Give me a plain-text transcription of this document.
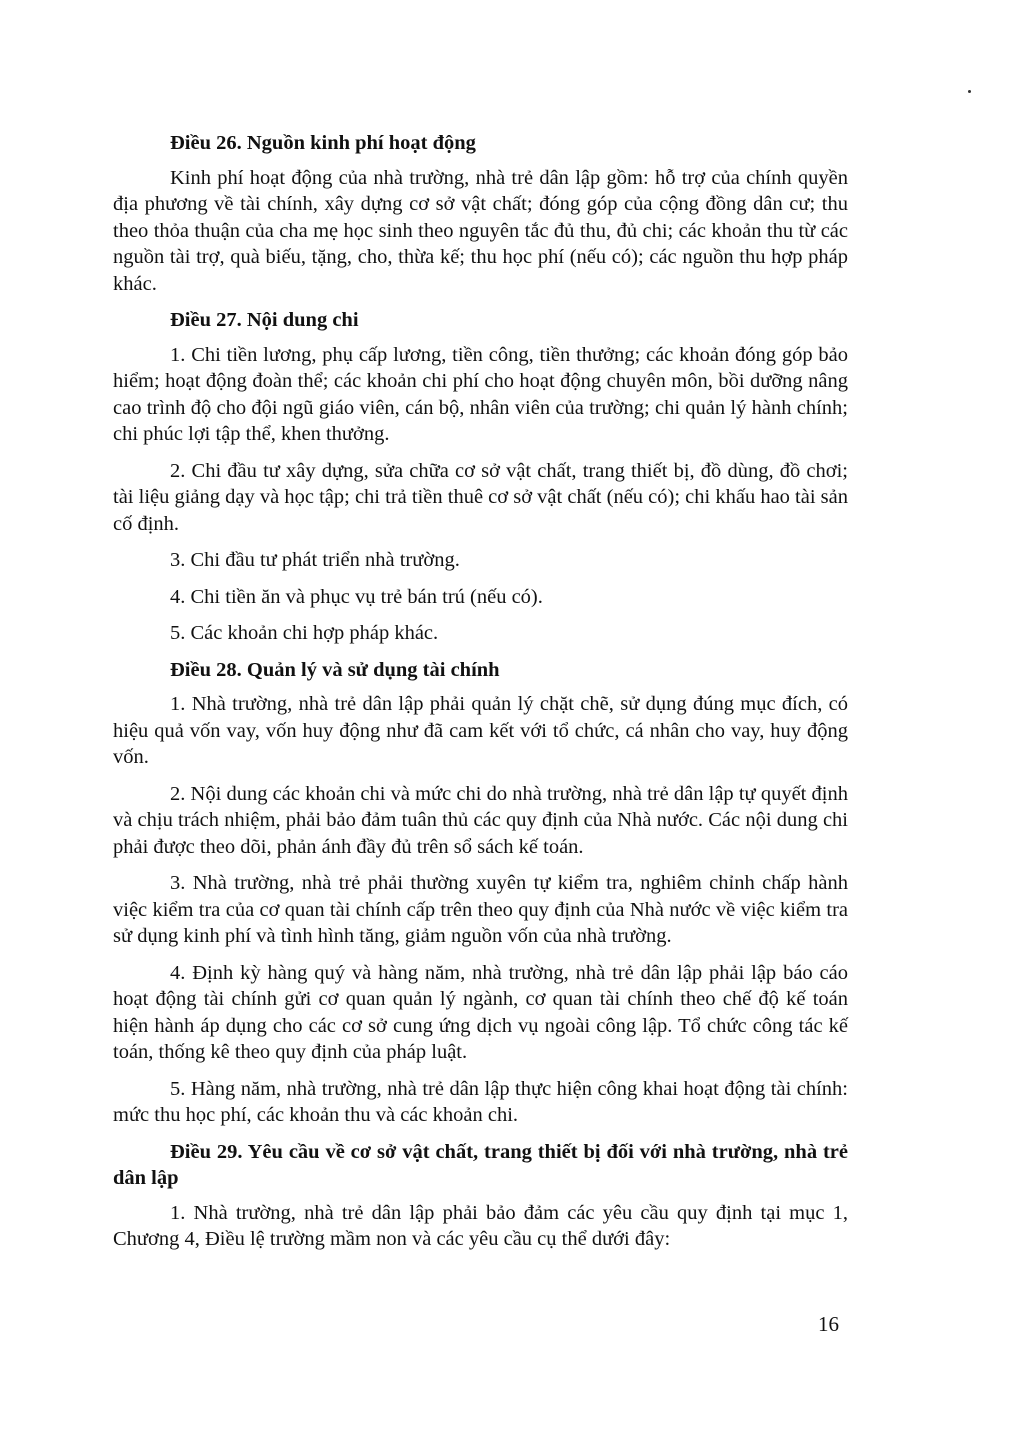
Điều 26. Nguồn kinh phí hoạt động

Kinh phí hoạt động của nhà trường, nhà trẻ dân lập gồm: hỗ trợ của chính quyền địa phương về tài chính, xây dựng cơ sở vật chất; đóng góp của cộng đồng dân cư; thu theo thỏa thuận của cha mẹ học sinh theo nguyên tắc đủ thu, đủ chi; các khoản thu từ các nguồn tài trợ, quà biếu, tặng, cho, thừa kế; thu học phí (nếu có); các nguồn thu hợp pháp khác.

Điều 27. Nội dung chi

1. Chi tiền lương, phụ cấp lương, tiền công, tiền thưởng; các khoản đóng góp bảo hiểm; hoạt động đoàn thể; các khoản chi phí cho hoạt động chuyên môn, bồi dưỡng nâng cao trình độ cho đội ngũ giáo viên, cán bộ, nhân viên của trường; chi quản lý hành chính; chi phúc lợi tập thể, khen thưởng.

2. Chi đầu tư xây dựng, sửa chữa cơ sở vật chất, trang thiết bị, đồ dùng, đồ chơi; tài liệu giảng dạy và học tập; chi trả tiền thuê cơ sở vật chất (nếu có); chi khấu hao tài sản cố định.

3. Chi đầu tư phát triển nhà trường.

4. Chi tiền ăn và phục vụ trẻ bán trú (nếu có).

5. Các khoản chi hợp pháp khác.

Điều 28. Quản lý và sử dụng tài chính

1. Nhà trường, nhà trẻ dân lập phải quản lý chặt chẽ, sử dụng đúng mục đích, có hiệu quả vốn vay, vốn huy động như đã cam kết với tổ chức, cá nhân cho vay, huy động vốn.

2. Nội dung các khoản chi và mức chi do nhà trường, nhà trẻ dân lập tự quyết định và chịu trách nhiệm, phải bảo đảm tuân thủ các quy định của Nhà nước. Các nội dung chi phải được theo dõi, phản ánh đầy đủ trên sổ sách kế toán.

3. Nhà trường, nhà trẻ phải thường xuyên tự kiểm tra, nghiêm chỉnh chấp hành việc kiểm tra của cơ quan tài chính cấp trên theo quy định của Nhà nước về việc kiểm tra sử dụng kinh phí và tình hình tăng, giảm nguồn vốn của nhà trường.

4. Định kỳ hàng quý và hàng năm, nhà trường, nhà trẻ dân lập phải lập báo cáo hoạt động tài chính gửi cơ quan quản lý ngành, cơ quan tài chính theo chế độ kế toán hiện hành áp dụng cho các cơ sở cung ứng dịch vụ ngoài công lập. Tổ chức công tác kế toán, thống kê theo quy định của pháp luật.

5. Hàng năm, nhà trường, nhà trẻ dân lập thực hiện công khai hoạt động tài chính: mức thu học phí, các khoản thu và các khoản chi.

Điều 29. Yêu cầu về cơ sở vật chất, trang thiết bị đối với nhà trường, nhà trẻ dân lập

1. Nhà trường, nhà trẻ dân lập phải bảo đảm các yêu cầu quy định tại mục 1, Chương 4, Điều lệ trường mầm non và các yêu cầu cụ thể dưới đây:

16
